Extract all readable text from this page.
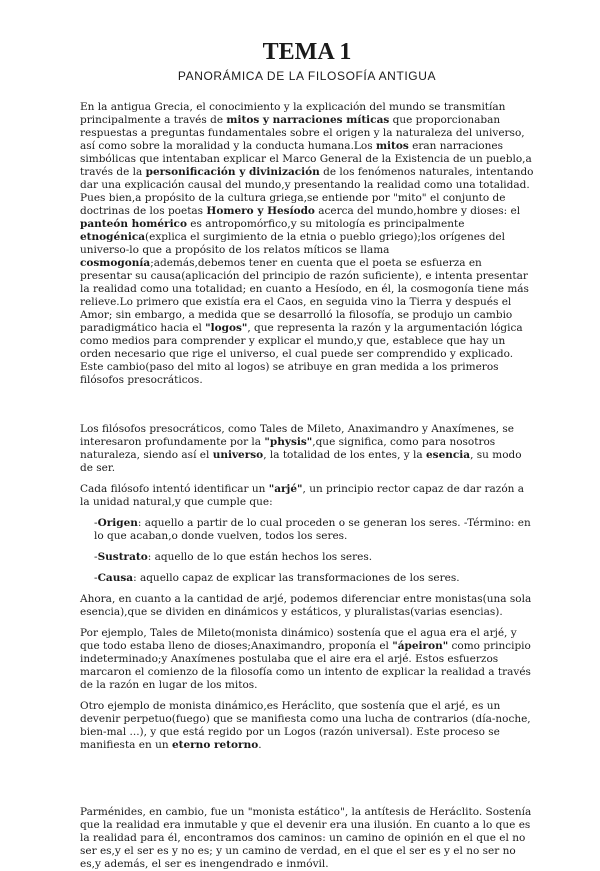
TEMA 1
PANORÁMICA DE LA FILOSOFÍA ANTIGUA

En la antigua Grecia, el conocimiento y la explicación del mundo se transmitían principalmente a través de mitos y narraciones míticas que proporcionaban respuestas a preguntas fundamentales sobre el origen y la naturaleza del universo, así como sobre la moralidad y la conducta humana.Los mitos eran narraciones simbólicas que intentaban explicar el Marco General de la Existencia de un pueblo,a través de la personificación y divinización de los fenómenos naturales, intentando dar una explicación causal del mundo,y presentando la realidad como una totalidad.

Pues bien,a propósito de la cultura griega,se entiende por "mito" el conjunto de doctrinas de los poetas Homero y Hesíodo acerca del mundo,hombre y dioses: el panteón homérico es antropomórfico,y su mitología es principalmente etnogénica(explica el surgimiento de la etnia o pueblo griego);los orígenes del universo-lo que a propósito de los relatos míticos se llama cosmogonía;además,debemos tener en cuenta que el poeta se esfuerza en presentar su causa(aplicación del principio de razón suficiente), e intenta presentar la realidad como una totalidad; en cuanto a Hesíodo, en él, la cosmogonía tiene más relieve.Lo primero que existía era el Caos, en seguida vino la Tierra y después el Amor; sin embargo, a medida que se desarrolló la filosofía, se produjo un cambio paradigmático hacia el "logos", que representa la razón y la argumentación lógica como medios para comprender y explicar el mundo,y que, establece que hay un orden necesario que rige el universo, el cual puede ser comprendido y explicado.

Este cambio(paso del mito al logos) se atribuye en gran medida a los primeros filósofos presocráticos.

Los filósofos presocráticos, como Tales de Mileto, Anaximandro y Anaxímenes, se interesaron profundamente por la "physis",que significa, como para nosotros naturaleza, siendo así el universo, la totalidad de los entes, y la esencia, su modo de ser.

Cada filósofo intentó identificar un "arjé", un principio rector capaz de dar razón a la unidad natural,y que cumple que:

-Origen: aquello a partir de lo cual proceden o se generan los seres. -Término: en lo que acaban,o donde vuelven, todos los seres.

-Sustrato: aquello de lo que están hechos los seres.

-Causa: aquello capaz de explicar las transformaciones de los seres.

Ahora, en cuanto a la cantidad de arjé, podemos diferenciar entre monistas(una sola esencia),que se dividen en dinámicos y estáticos, y pluralistas(varias esencias).

Por ejemplo, Tales de Mileto(monista dinámico) sostenía que el agua era el arjé, y que todo estaba lleno de dioses;Anaximandro, proponía el "ápeiron" como principio indeterminado;y Anaxímenes postulaba que el aire era el arjé. Estos esfuerzos marcaron el comienzo de la filosofía como un intento de explicar la realidad a través de la razón en lugar de los mitos.

Otro ejemplo de monista dinámico,es Heráclito, que sostenía que el arjé, es un devenir perpetuo(fuego) que se manifiesta como una lucha de contrarios (día-noche, bien-mal ...), y que está regido por un Logos (razón universal). Este proceso se manifiesta en un eterno retorno.

Parménides, en cambio, fue un "monista estático", la antítesis de Heráclito. Sostenía que la realidad era inmutable y que el devenir era una ilusión. En cuanto a lo que es la realidad para él, encontramos dos caminos: un camino de opinión en el que el no ser es,y el ser es y no es; y un camino de verdad, en el que el ser es y el no ser no es,y además, el ser es inengendrado e inmóvil.
